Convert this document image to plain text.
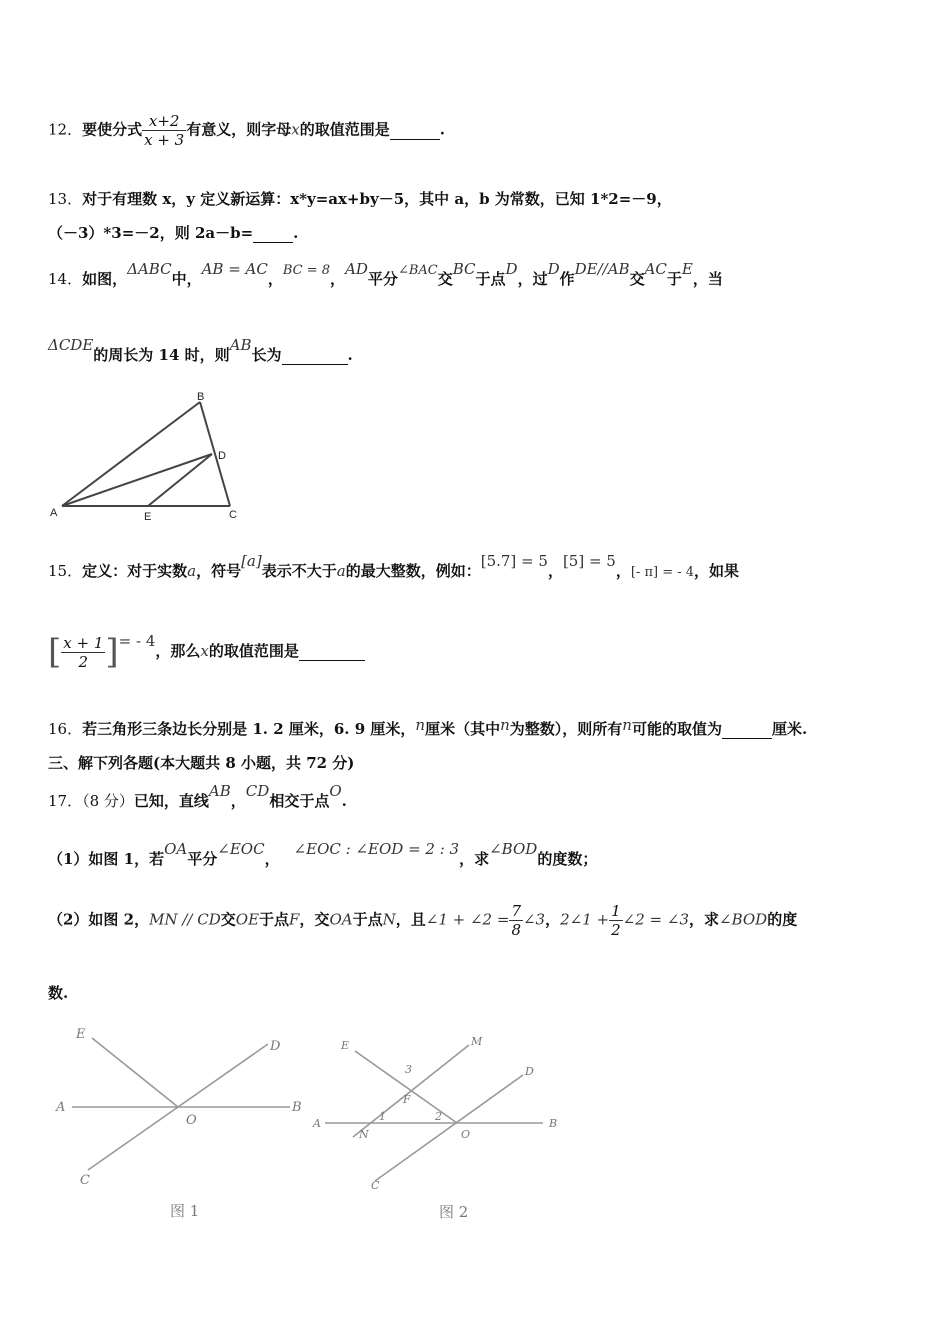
12．要使分式 $\frac{x+2}{x + 3}$ 有意义，则字母x的取值范围是	.
13．对于有理数 x，y 定义新运算：x*y=ax+by－5，其中 a，b 为常数，已知 1*2=－9，
（－3）*3=－2，则 2a－b=	.
14．如图，ΔABC中，AB = AC，BC = 8，AD平分∠BAC交BC于点D，过D作DE//AB交AC于E，当
ΔCDE的周长为 14 时，则AB长为	.
B
D
A	E	C
15．定义：对于实数a，符号[a]表示不大于a的最大整数，例如：[5.7] = 5，[5] = 5，[- π] = - 4，如果
[ $\frac{x + 1}{2}$ ]= - 4，那么x的取值范围是
16．若三角形三条边长分别是 1. 2 厘米，6. 9 厘米，n厘米（其中n为整数），则所有n可能的取值为	厘米.
三、解下列各题(本大题共 8 小题，共 72 分)
17．（8 分）已知，直线AB，CD相交于点O.
（1）如图 1，若OA平分∠EOC，∠EOC : ∠EOD = 2 : 3，求∠BOD的度数；
（2）如图 2，MN // CD交OE于点F，交OA于点N，且∠1 + ∠2 = $\frac{7}{8}$ ∠3，2∠1 + $\frac{1}{2}$ ∠2 = ∠3，求∠BOD的度
数.
E
D
A
O
B
C
图 1
E	M
3
F
D
A
1
N
2
O
B
C
图 2
